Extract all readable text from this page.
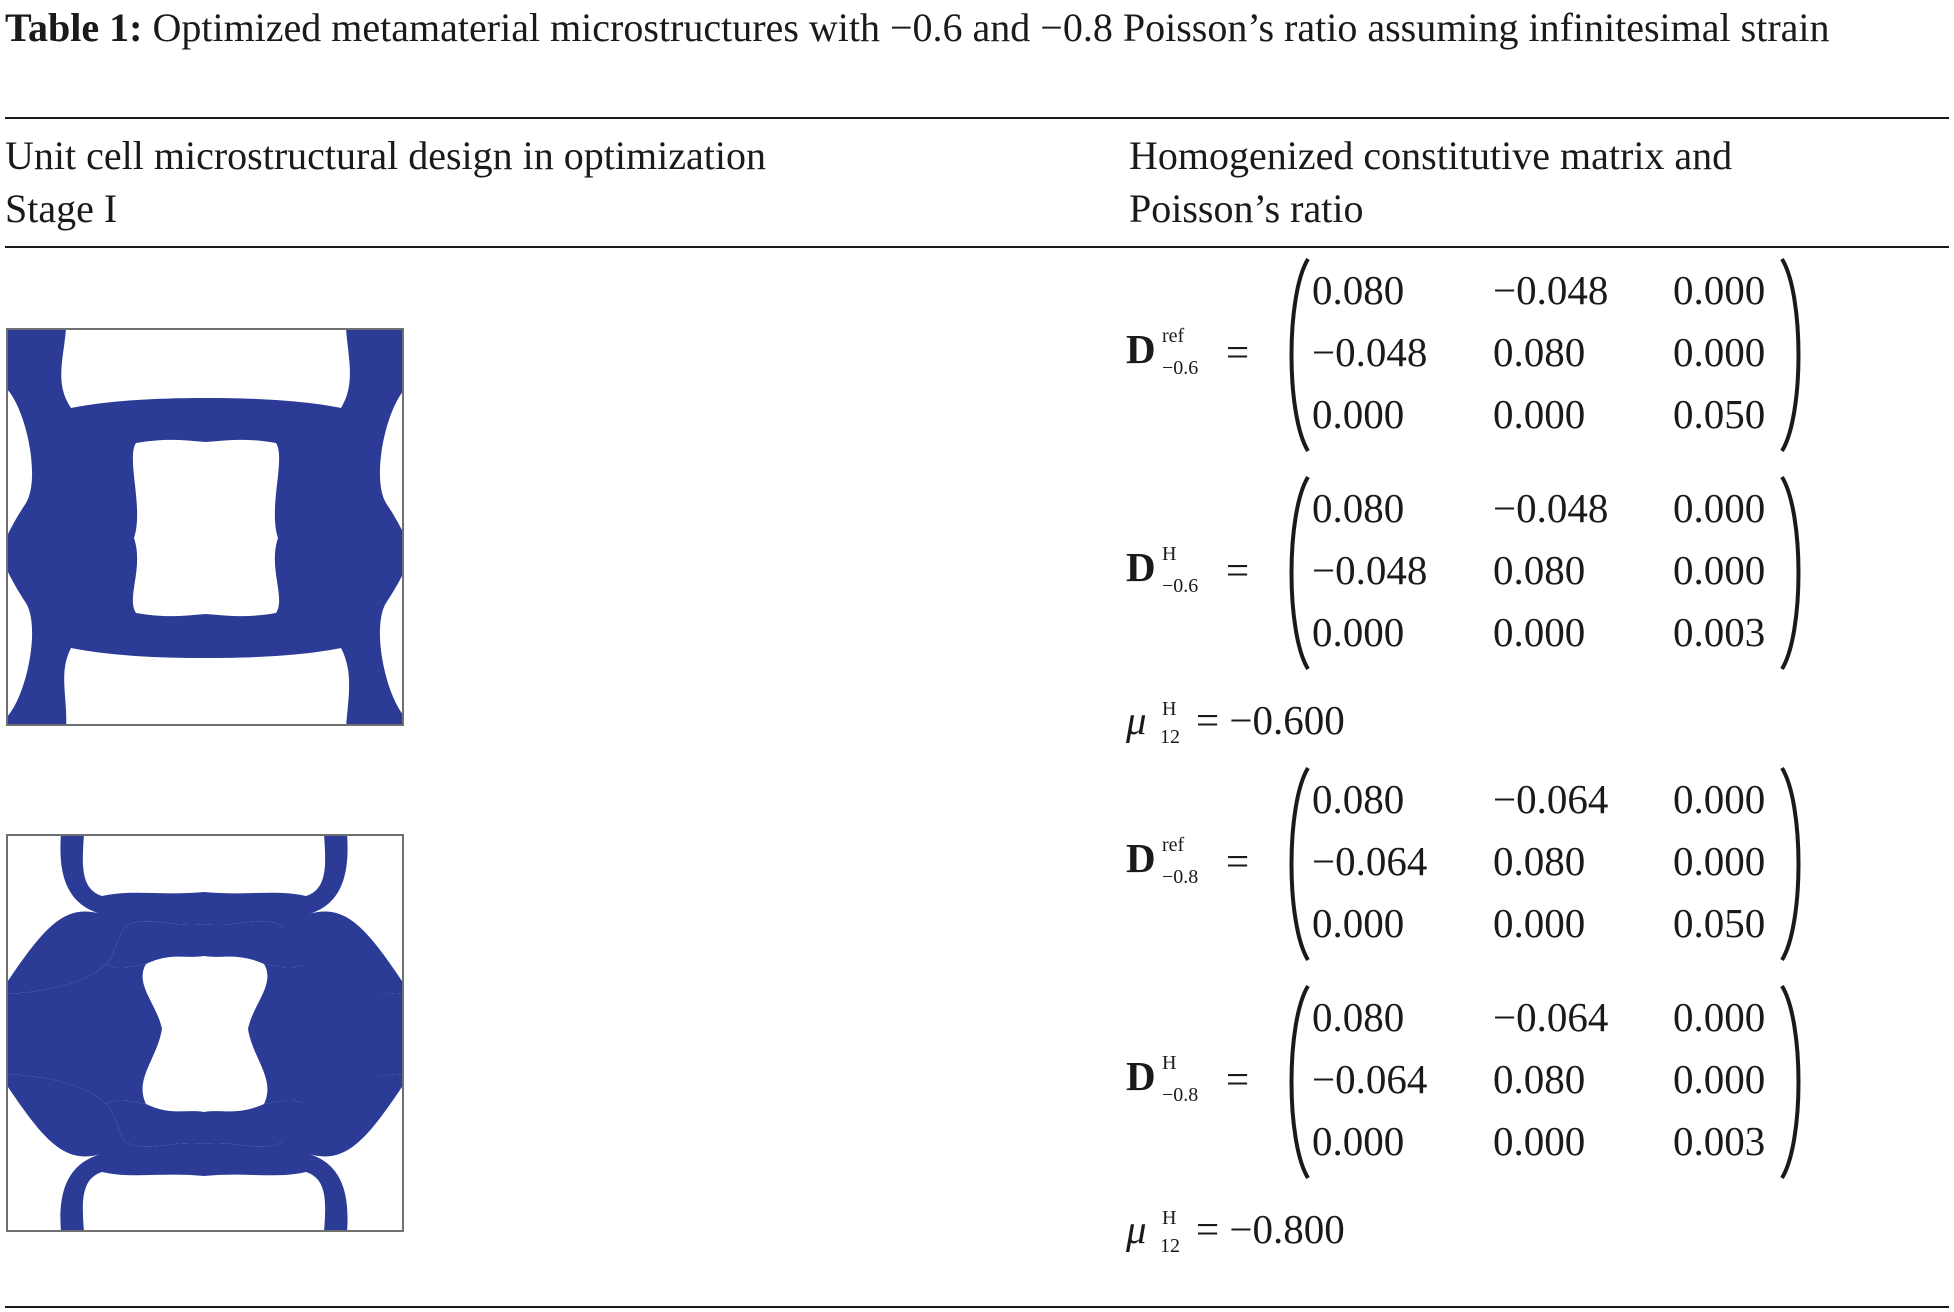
Table 1: Optimized metamaterial microstructures with −0.6 and −0.8 Poisson’s ratio assuming infinitesimal strain
Unit cell microstructural design in optimization
Stage I
Homogenized constitutive matrix and
Poisson’s ratio
D ref
−0.6 =
0.080 −0.048 0.000
−0.048 0.080 0.000
0.000 0.000 0.050
D H
−0.6 =
0.080 −0.048 0.000
−0.048 0.080 0.000
0.000 0.000 0.003
D ref
−0.8 =
0.080 −0.064 0.000
−0.064 0.080 0.000
0.000 0.000 0.050
D H
−0.8 =
0.080 −0.064 0.000
−0.064 0.080 0.000
0.000 0.000 0.003
μ H
12 = −0.600
μ H
12 = −0.800
